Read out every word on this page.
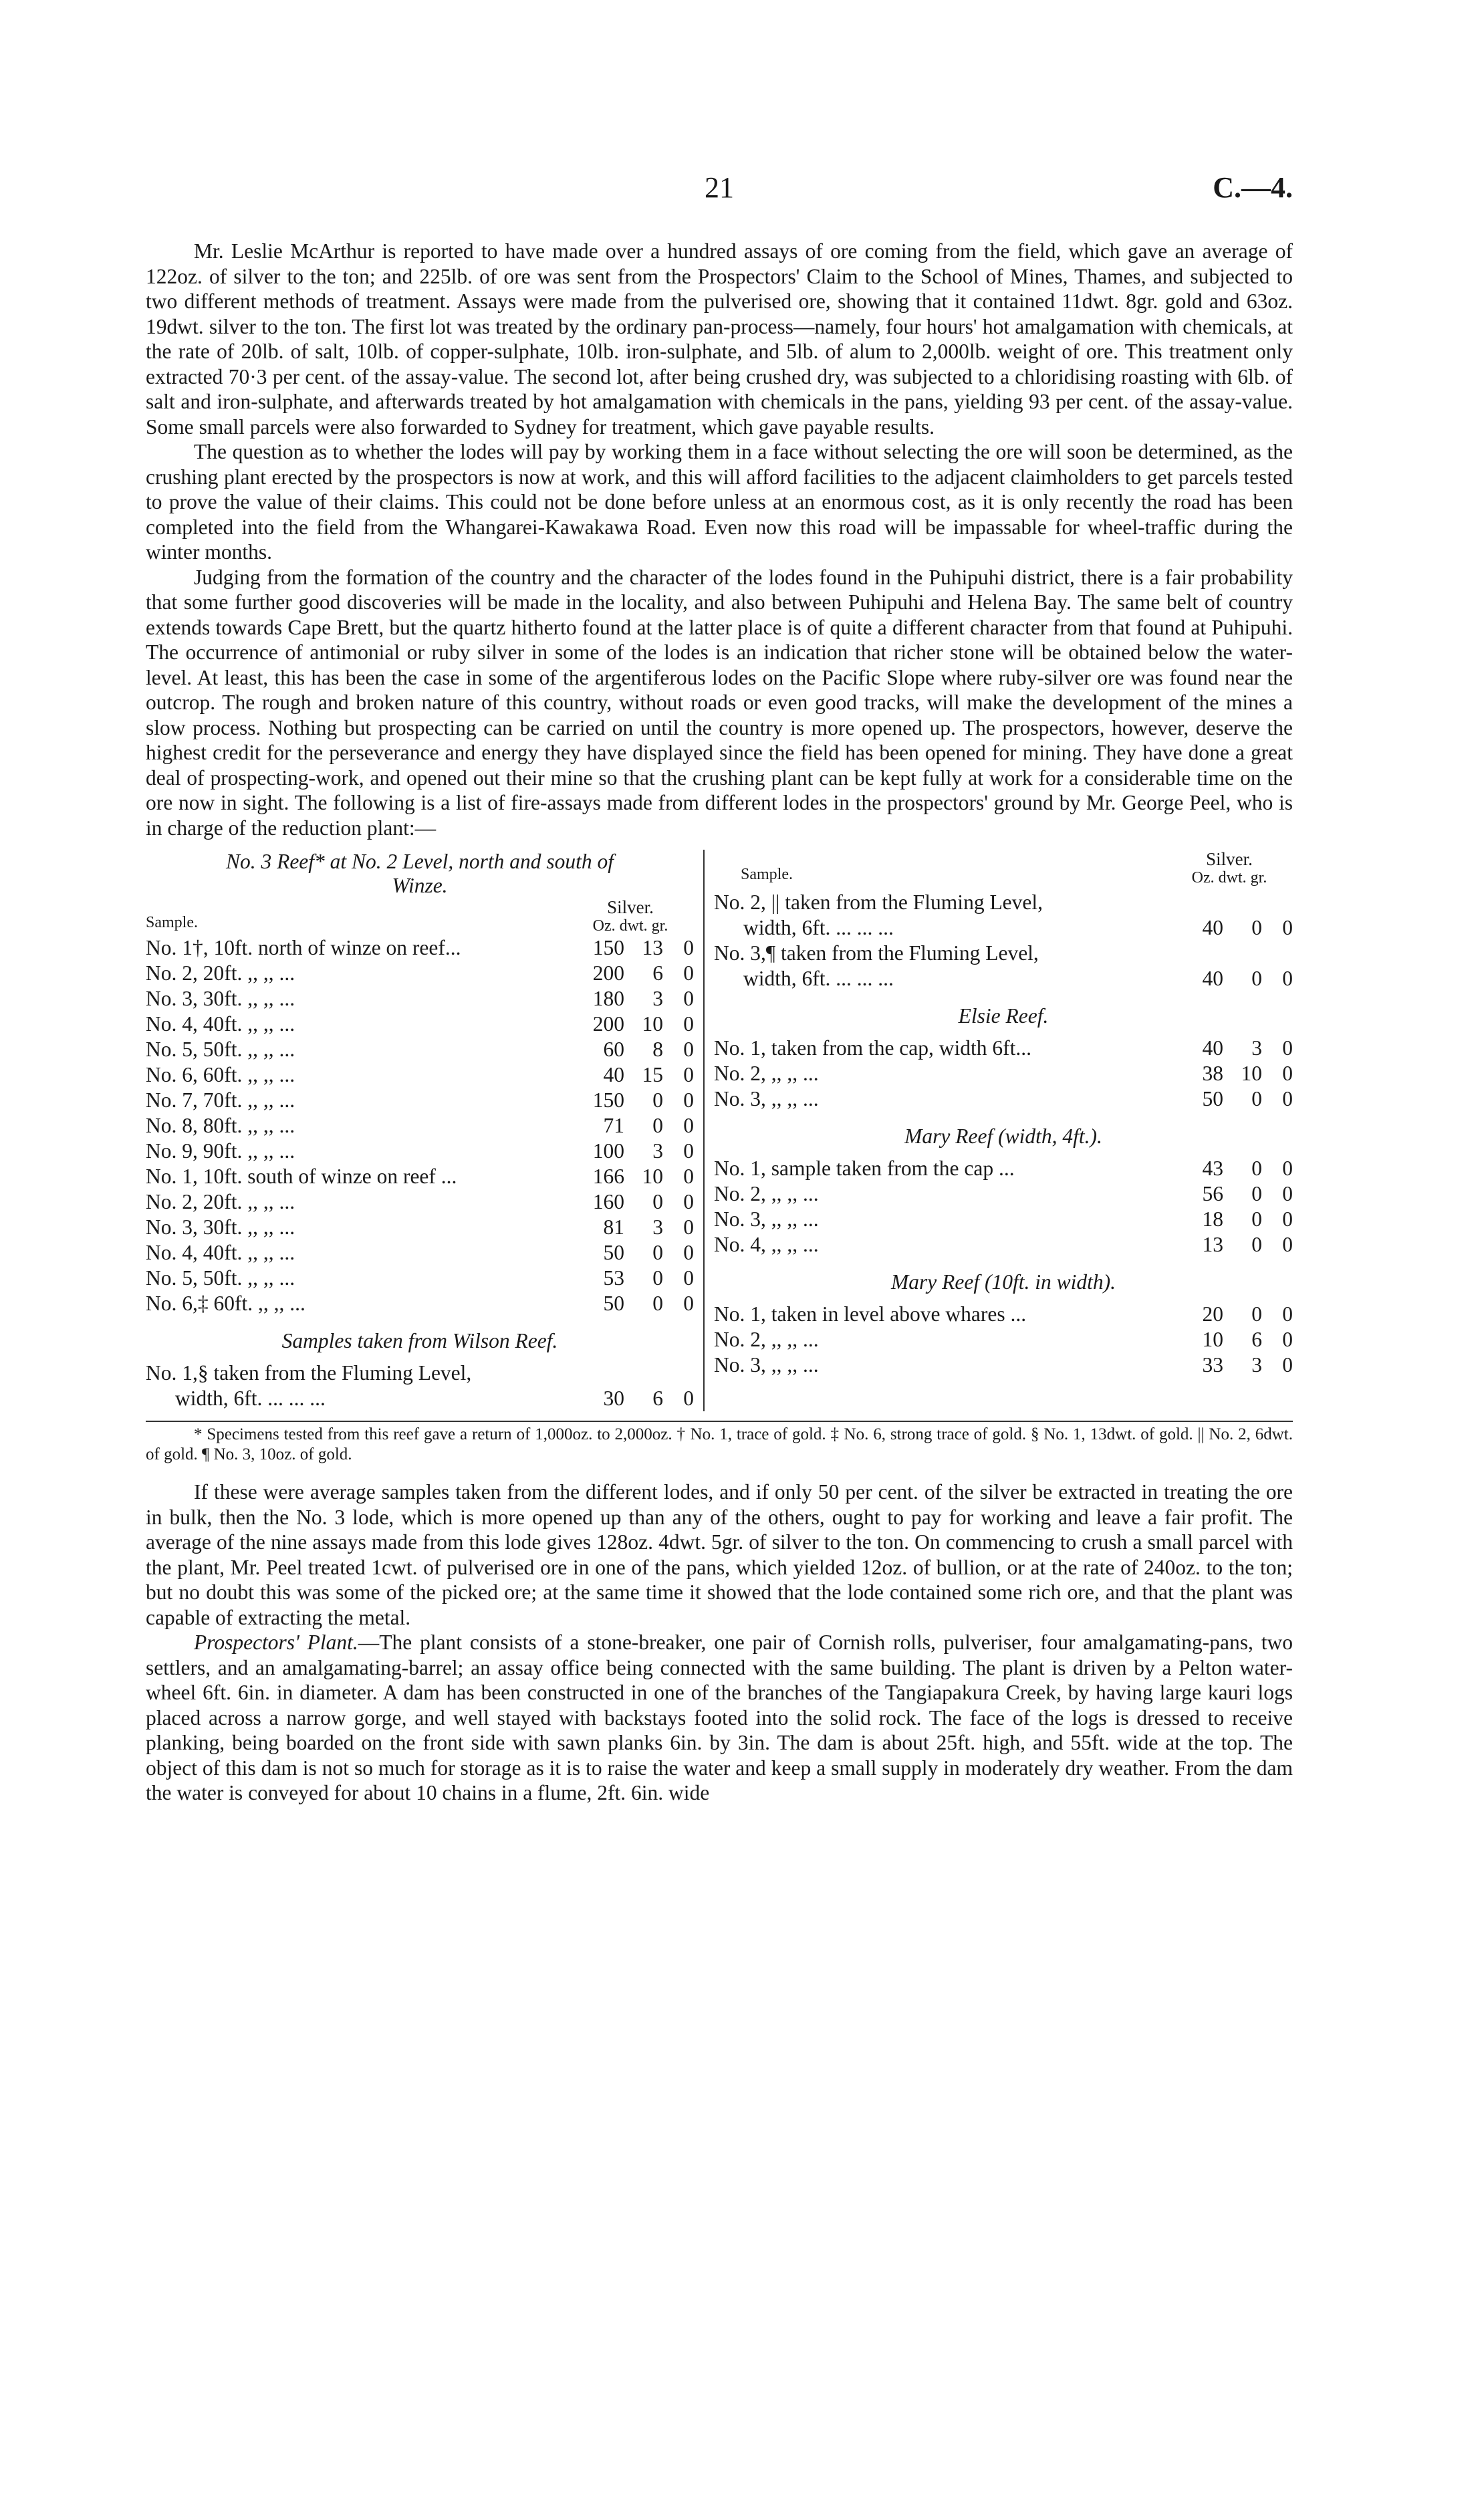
21	C.—4.

Mr. Leslie McArthur is reported to have made over a hundred assays of ore coming from the field, which gave an average of 122oz. of silver to the ton; and 225lb. of ore was sent from the Prospectors' Claim to the School of Mines, Thames, and subjected to two different methods of treatment. Assays were made from the pulverised ore, showing that it contained 11dwt. 8gr. gold and 63oz. 19dwt. silver to the ton. The first lot was treated by the ordinary pan-process—namely, four hours' hot amalgamation with chemicals, at the rate of 20lb. of salt, 10lb. of copper-sulphate, 10lb. iron-sulphate, and 5lb. of alum to 2,000lb. weight of ore. This treatment only extracted 70·3 per cent. of the assay-value. The second lot, after being crushed dry, was subjected to a chloridising roasting with 6lb. of salt and iron-sulphate, and afterwards treated by hot amalgamation with chemicals in the pans, yielding 93 per cent. of the assay-value. Some small parcels were also forwarded to Sydney for treatment, which gave payable results.

The question as to whether the lodes will pay by working them in a face without selecting the ore will soon be determined, as the crushing plant erected by the prospectors is now at work, and this will afford facilities to the adjacent claimholders to get parcels tested to prove the value of their claims. This could not be done before unless at an enormous cost, as it is only recently the road has been completed into the field from the Whangarei-Kawakawa Road. Even now this road will be impassable for wheel-traffic during the winter months.

Judging from the formation of the country and the character of the lodes found in the Puhipuhi district, there is a fair probability that some further good discoveries will be made in the locality, and also between Puhipuhi and Helena Bay. The same belt of country extends towards Cape Brett, but the quartz hitherto found at the latter place is of quite a different character from that found at Puhipuhi. The occurrence of antimonial or ruby silver in some of the lodes is an indication that richer stone will be obtained below the water-level. At least, this has been the case in some of the argentiferous lodes on the Pacific Slope where ruby-silver ore was found near the outcrop. The rough and broken nature of this country, without roads or even good tracks, will make the development of the mines a slow process. Nothing but prospecting can be carried on until the country is more opened up. The prospectors, however, deserve the highest credit for the perseverance and energy they have displayed since the field has been opened for mining. They have done a great deal of prospecting-work, and opened out their mine so that the crushing plant can be kept fully at work for a considerable time on the ore now in sight. The following is a list of fire-assays made from different lodes in the prospectors' ground by Mr. George Peel, who is in charge of the reduction plant:—

No. 3 Reef* at No. 2 Level, north and south of
Winze.
Sample.
Silver.
Oz. dwt. gr.
No. 1†, 10ft. north of winze on reef...	150 13 0
No. 2, 20ft. ,, ,, ...	200	6 0
No. 3, 30ft. ,, ,, ...	180	3 0
No. 4, 40ft. ,, ,, ...	200 10 0
No. 5, 50ft. ,, ,, ...	60	8 0
No. 6, 60ft. ,, ,, ...	40 15 0
No. 7, 70ft. ,, ,, ...	150	0 0
No. 8, 80ft. ,, ,, ...	71	0 0
No. 9, 90ft. ,, ,, ...	100	3 0
No. 1, 10ft. south of winze on reef ...	166 10 0
No. 2, 20ft. ,, ,, ...	160	0 0
No. 3, 30ft. ,, ,, ...	81	3 0
No. 4, 40ft. ,, ,, ...	50	0 0
No. 5, 50ft. ,, ,, ...	53	0 0
No. 6,‡ 60ft. ,, ,, ...	50	0 0
Samples taken from Wilson Reef.
No. 1,§ taken from the Fluming Level,
width, 6ft. ... ... ...	30	6 0
Sample.
Silver.
Oz. dwt. gr.
No. 2, || taken from the Fluming Level,
width, 6ft. ... ... ...	40	0 0
No. 3,¶ taken from the Fluming Level,
width, 6ft. ... ... ...	40	0 0
Elsie Reef.
No. 1, taken from the cap, width 6ft...	40	3 0
No. 2, ,, ,, ...	38 10 0
No. 3, ,, ,, ...	50	0 0
Mary Reef (width, 4ft.).
No. 1, sample taken from the cap ...	43	0 0
No. 2, ,, ,, ...	56	0 0
No. 3, ,, ,, ...	18	0 0
No. 4, ,, ,, ...	13	0 0
Mary Reef (10ft. in width).
No. 1, taken in level above whares ...	20	0 0
No. 2, ,, ,, ...	10	6 0
No. 3, ,, ,, ...	33	3 0
* Specimens tested from this reef gave a return of 1,000oz. to 2,000oz. † No. 1, trace of gold. ‡ No. 6, strong trace of gold. § No. 1, 13dwt. of gold. || No. 2, 6dwt. of gold. ¶ No. 3, 10oz. of gold.

If these were average samples taken from the different lodes, and if only 50 per cent. of the silver be extracted in treating the ore in bulk, then the No. 3 lode, which is more opened up than any of the others, ought to pay for working and leave a fair profit. The average of the nine assays made from this lode gives 128oz. 4dwt. 5gr. of silver to the ton. On commencing to crush a small parcel with the plant, Mr. Peel treated 1cwt. of pulverised ore in one of the pans, which yielded 12oz. of bullion, or at the rate of 240oz. to the ton; but no doubt this was some of the picked ore; at the same time it showed that the lode contained some rich ore, and that the plant was capable of extracting the metal.

Prospectors' Plant.—The plant consists of a stone-breaker, one pair of Cornish rolls, pulveriser, four amalgamating-pans, two settlers, and an amalgamating-barrel; an assay office being connected with the same building. The plant is driven by a Pelton water-wheel 6ft. 6in. in diameter. A dam has been constructed in one of the branches of the Tangiapakura Creek, by having large kauri logs placed across a narrow gorge, and well stayed with backstays footed into the solid rock. The face of the logs is dressed to receive planking, being boarded on the front side with sawn planks 6in. by 3in. The dam is about 25ft. high, and 55ft. wide at the top. The object of this dam is not so much for storage as it is to raise the water and keep a small supply in moderately dry weather. From the dam the water is conveyed for about 10 chains in a flume, 2ft. 6in. wide
